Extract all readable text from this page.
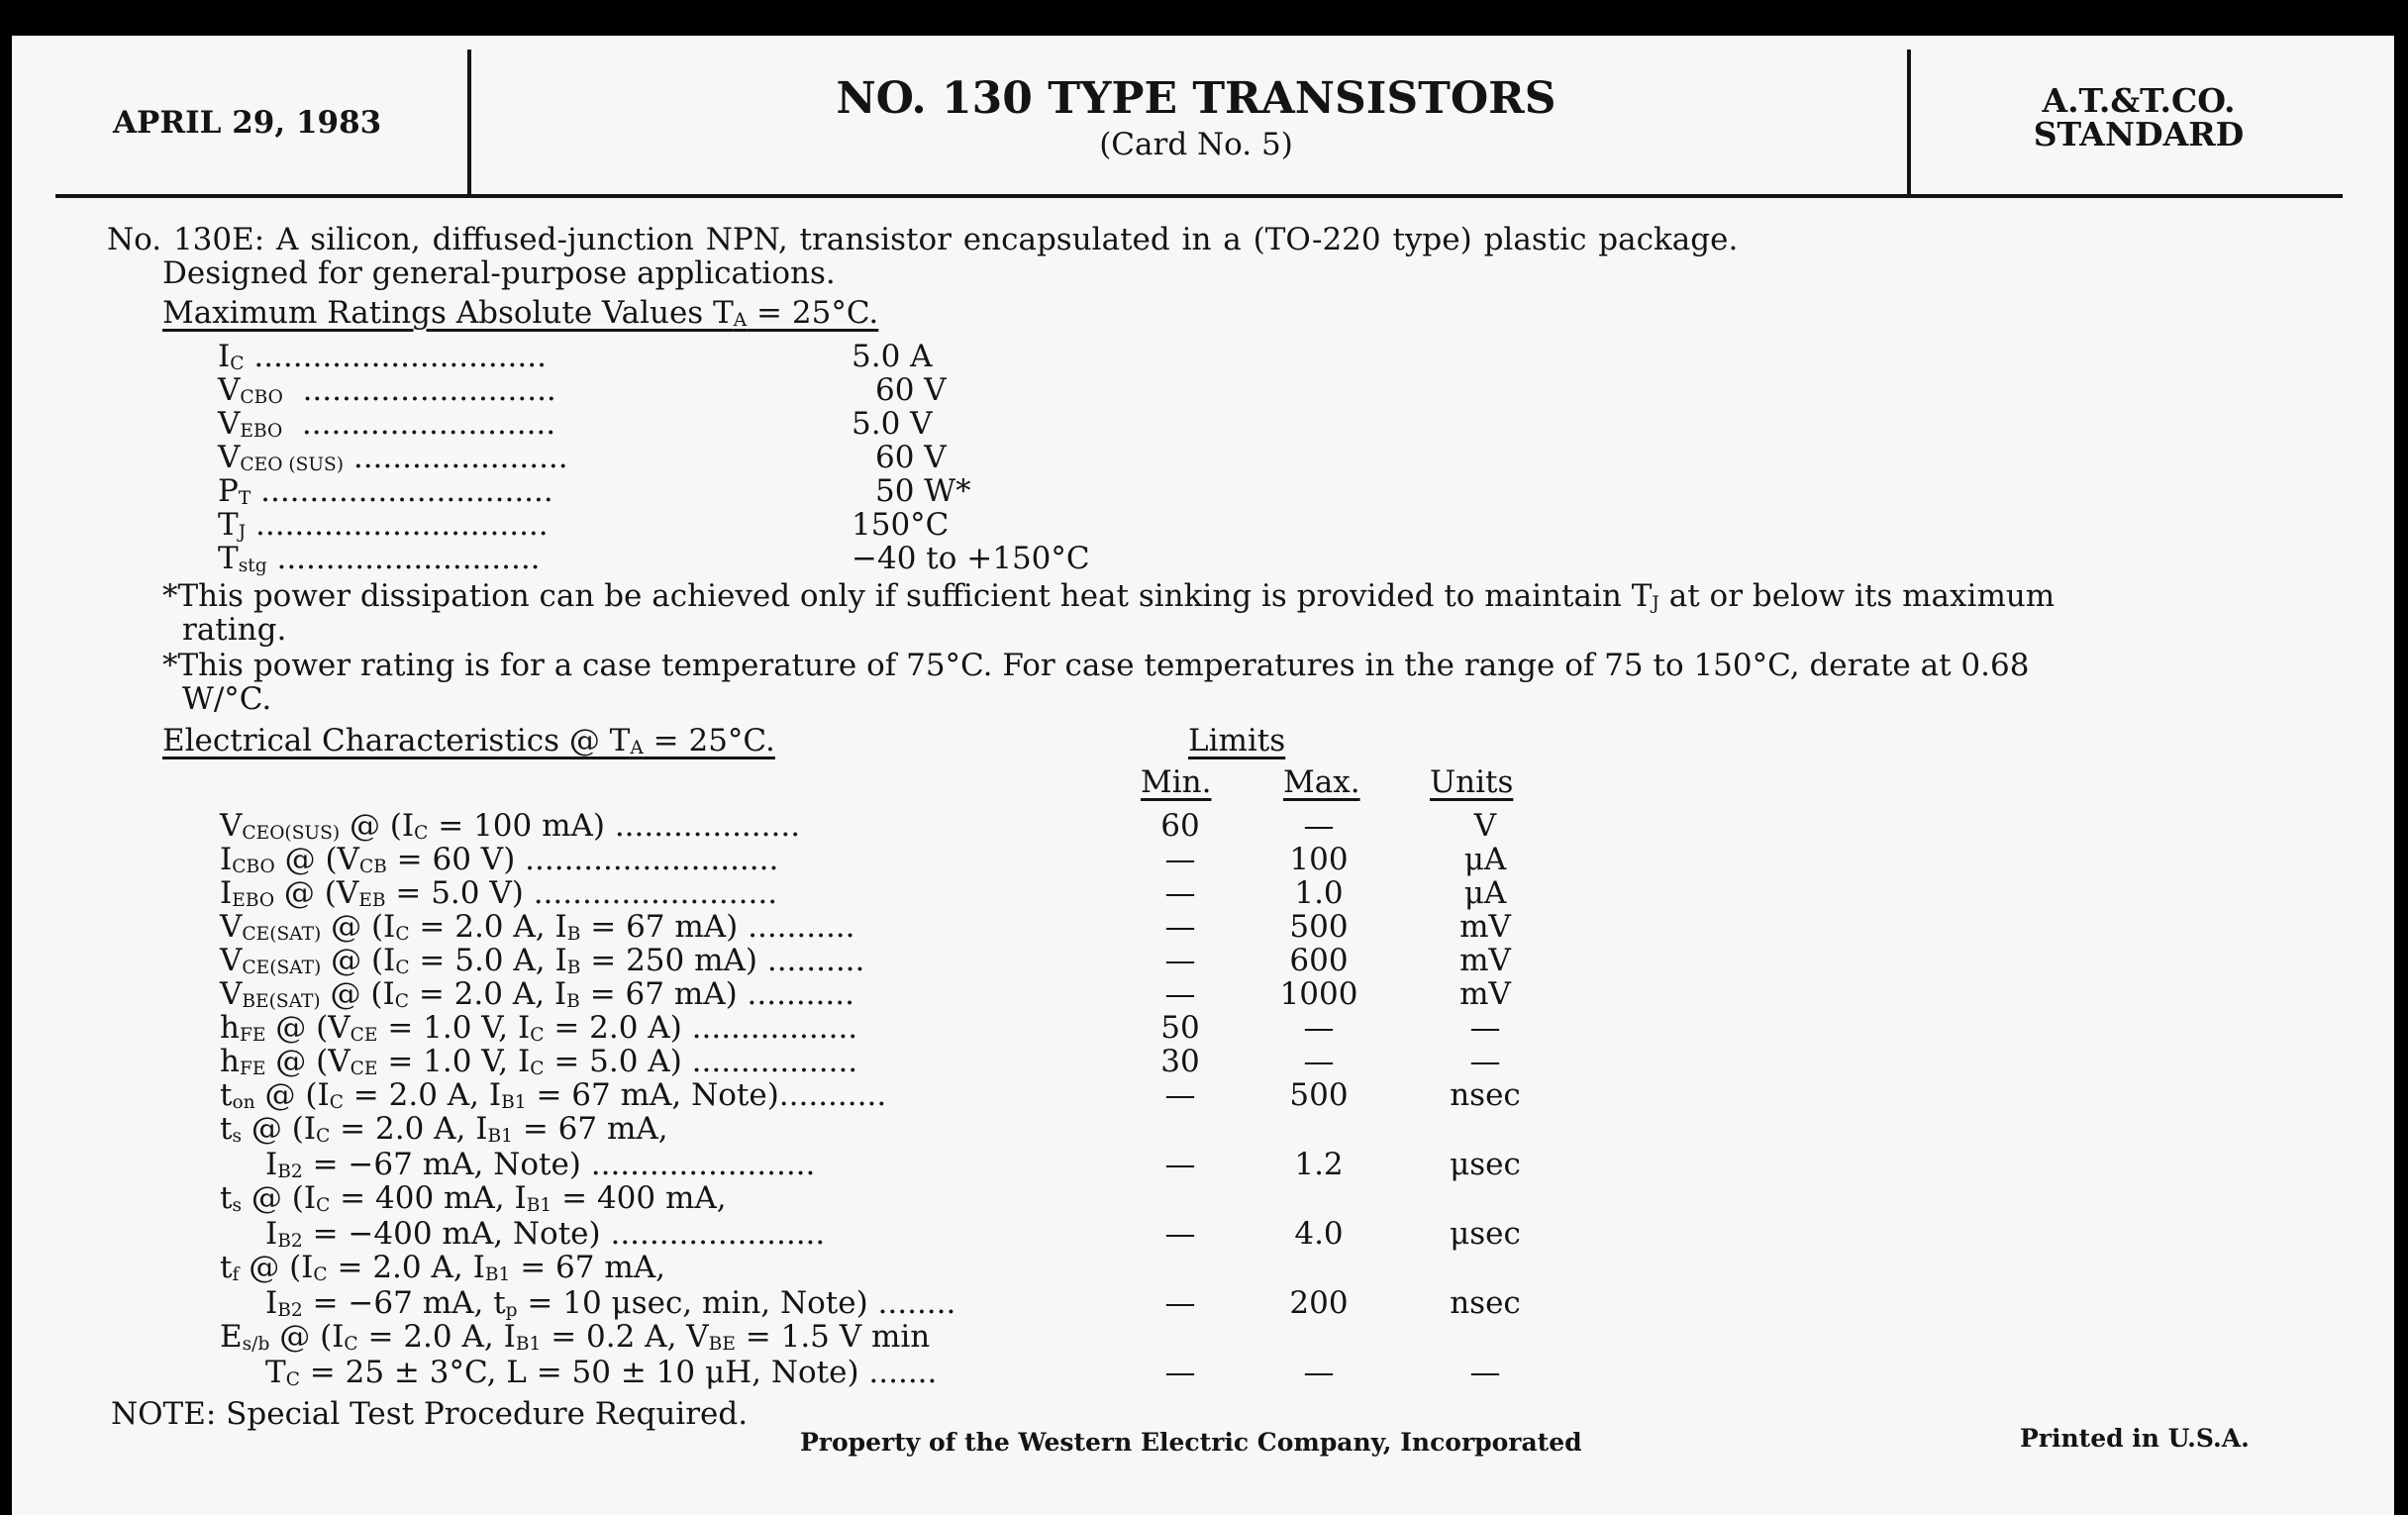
APRIL 29, 1983	NO. 130 TYPE TRANSISTORS
(Card No. 5)
A.T.&T.CO.
STANDARD
No. 130E: A silicon, diffused-junction NPN, transistor encapsulated in a (TO-220 type) plastic package.
Designed for general-purpose applications.
Maximum Ratings Absolute Values $T_A = 25^\circ C$.
$I_C$ ..............................	5.0 A
$V_{CBO}$  ..........................	60 V
$V_{EBO}$  ..........................	5.0 V
$V_{CEO (SUS)}$ ......................	60 V
$P_T$ ..............................	50 W*
$T_J$ ..............................	150°C
$T_{stg}$ ...........................	−40 to +150°C
*This power dissipation can be achieved only if sufficient heat sinking is provided to maintain $T_J$ at or below its maximum
rating.
*This power rating is for a case temperature of 75°C. For case temperatures in the range of 75 to 150°C, derate at 0.68
W/°C.
Electrical Characteristics @ $T_A = 25^\circ C$.	Limits
Min. Max. Units
$V_{CEO(SUS)}$ @ ($I_C = 100$ mA) ...................	60	—	V
$I_{CBO}$ @ ($V_{CB} = 60$ V) ..........................	—	100	μA
$I_{EBO}$ @ ($V_{EB} = 5.0$ V) .........................	—	1.0	μA
$V_{CE(SAT)}$ @ ($I_C = 2.0$ A, $I_B = 67$ mA) ...........	—	500	mV
$V_{CE(SAT)}$ @ ($I_C = 5.0$ A, $I_B = 250$ mA) ..........	—	600	mV
$V_{BE(SAT)}$ @ ($I_C = 2.0$ A, $I_B = 67$ mA) ...........	—	1000	mV
$h_{FE}$ @ ($V_{CE} = 1.0$ V, $I_C = 2.0$ A) .................	50	—	—
$h_{FE}$ @ ($V_{CE} = 1.0$ V, $I_C = 5.0$ A) .................	30	—	—
$t_{on}$ @ ($I_C = 2.0$ A, $I_{B1} = 67$ mA, Note)...........	—	500	nsec
$t_s$ @ ($I_C = 2.0$ A, $I_{B1} = 67$ mA,
$I_{B2} = -67$ mA, Note) .......................	—	1.2	μsec
$t_s$ @ ($I_C = 400$ mA, $I_{B1} = 400$ mA,
$I_{B2} = -400$ mA, Note) ......................	—	4.0	μsec
$t_f$ @ ($I_C = 2.0$ A, $I_{B1} = 67$ mA,
$I_{B2} = -67$ mA, $t_p = 10$ μsec, min, Note) ........	—	200	nsec
$E_{s/b}$ @ ($I_C = 2.0$ A, $I_{B1} = 0.2$ A, $V_{BE} = 1.5$ V min
$T_C = 25 \pm 3^\circ C$, L = 50 ± 10 μH, Note) .......	—	—	—
NOTE: Special Test Procedure Required.
Property of the Western Electric Company, Incorporated	Printed in U.S.A.
